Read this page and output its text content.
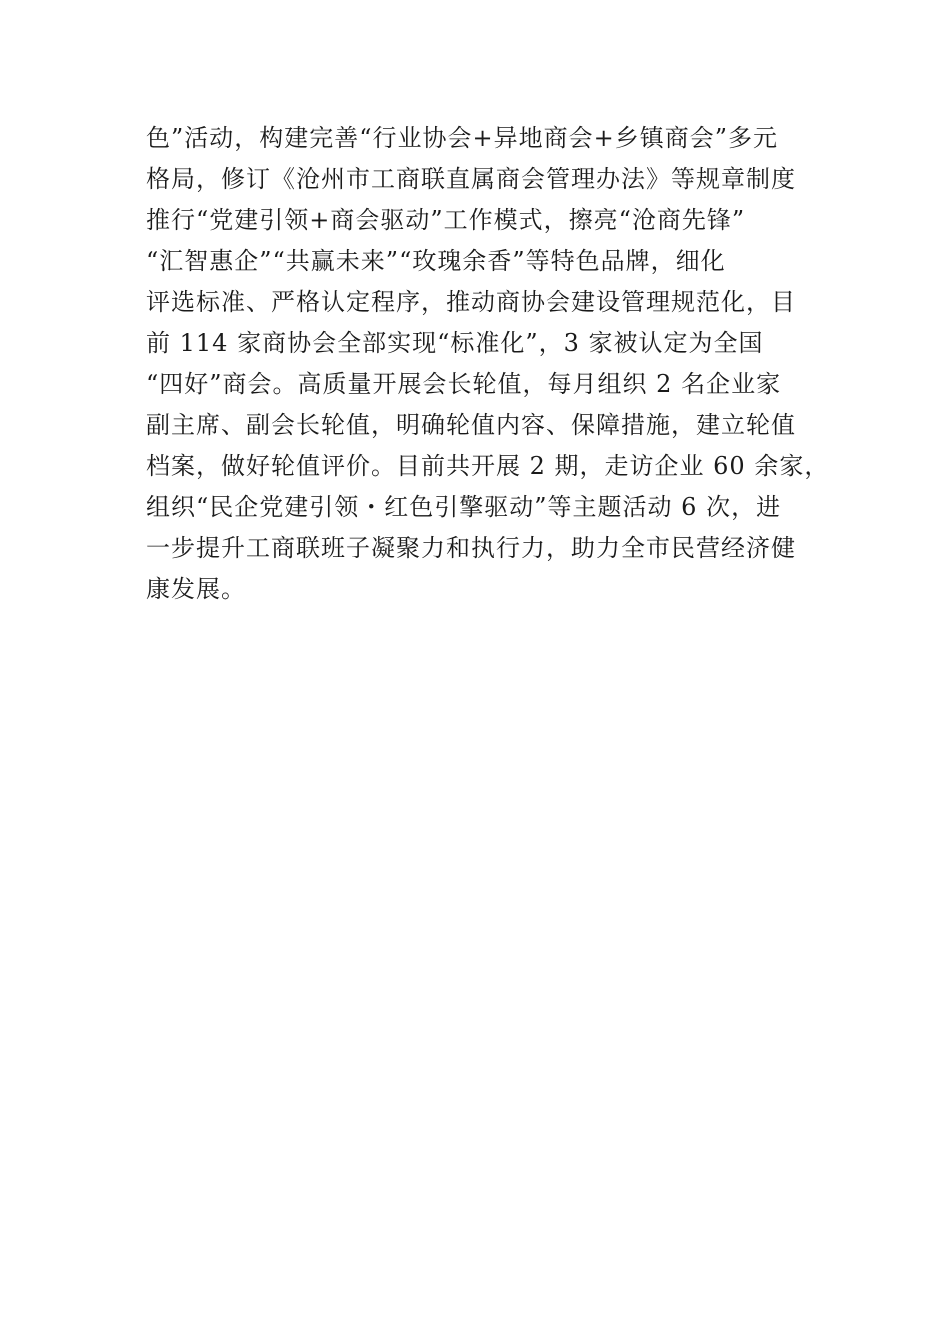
色”活动，构建完善“行业协会+异地商会+乡镇商会”多元
格局，修订《沧州市工商联直属商会管理办法》等规章制度
推行“党建引领+商会驱动”工作模式，擦亮“沧商先锋”
“汇智惠企”“共赢未来”“玫瑰余香”等特色品牌，细化
评选标准、严格认定程序，推动商协会建设管理规范化，目
前 114 家商协会全部实现“标准化”，3 家被认定为全国
“四好”商会。高质量开展会长轮值，每月组织 2 名企业家
副主席、副会长轮值，明确轮值内容、保障措施，建立轮值
档案，做好轮值评价。目前共开展 2 期，走访企业 60 余家，
组织“民企党建引领・红色引擎驱动”等主题活动 6 次，进
一步提升工商联班子凝聚力和执行力，助力全市民营经济健
康发展。
